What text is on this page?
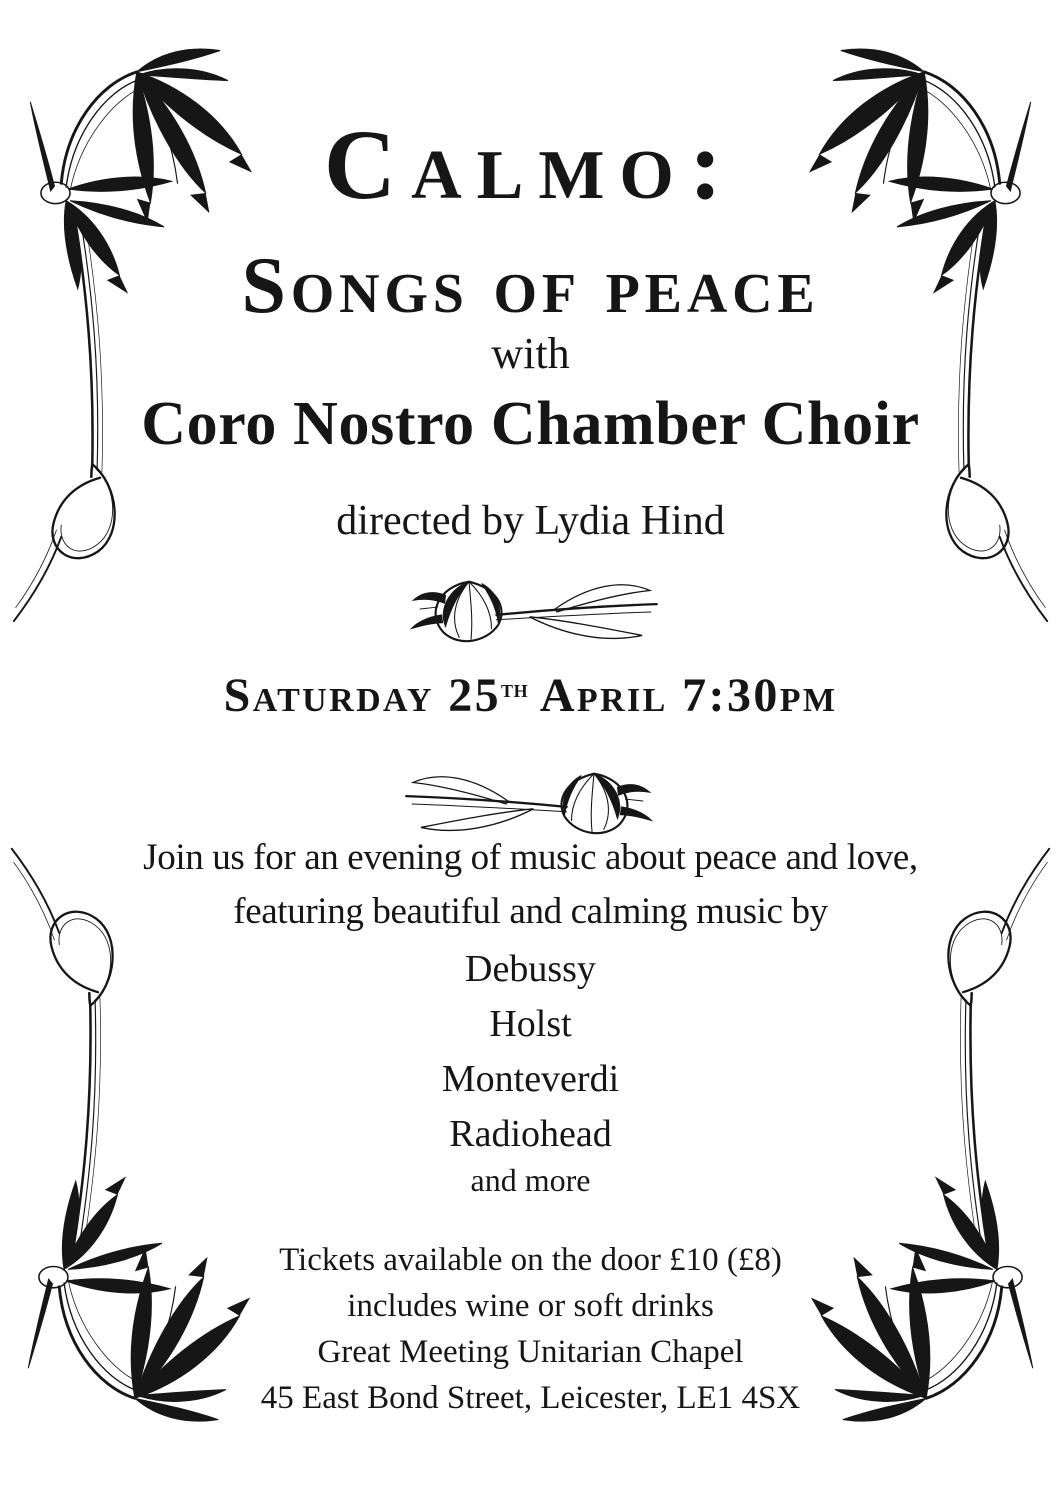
Calmo:
Songs of peace
with
Coro Nostro Chamber Choir
directed by Lydia Hind
Saturday 25th April 7:30pm
Join us for an evening of music about peace and love,
featuring beautiful and calming music by
Debussy
Holst
Monteverdi
Radiohead
and more
Tickets available on the door £10 (£8)
includes wine or soft drinks
Great Meeting Unitarian Chapel
45 East Bond Street, Leicester, LE1 4SX
